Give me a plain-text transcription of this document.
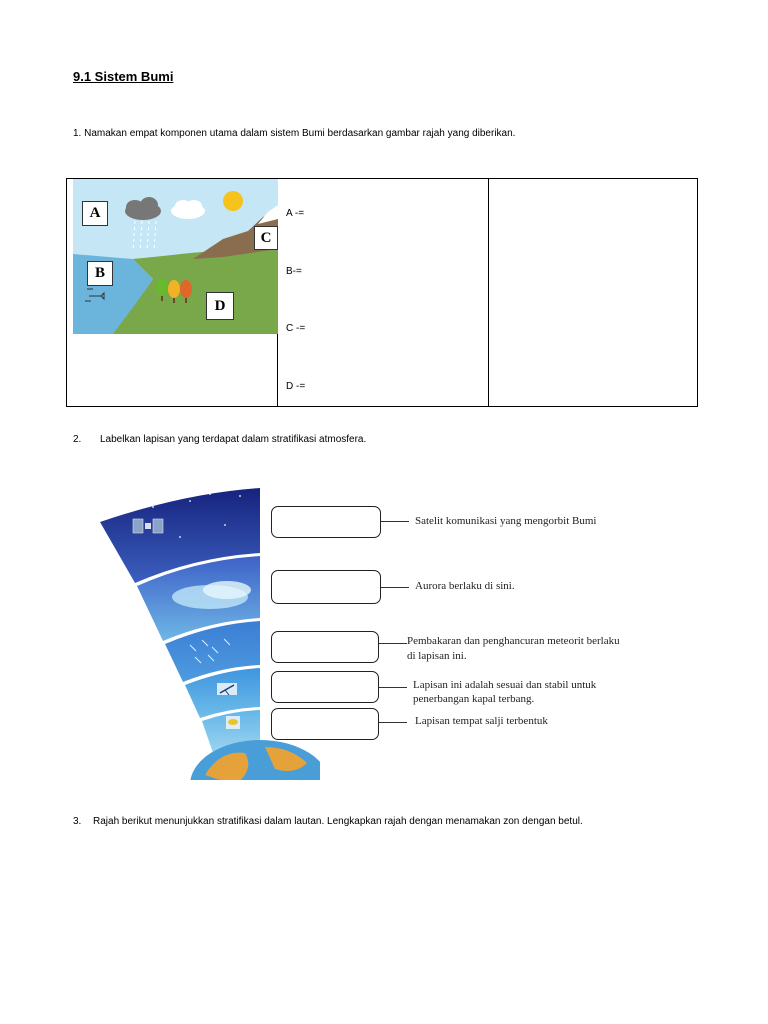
9.1 Sistem Bumi
1. Namakan empat komponen utama dalam sistem Bumi berdasarkan gambar rajah yang diberikan.
A
B
C
D
A -=
B-=
C -=
D -=
2. Labelkan lapisan yang terdapat dalam stratifikasi atmosfera.
Satelit komunikasi yang mengorbit Bumi
Aurora berlaku di sini.
Pembakaran dan penghancuran meteorit berlaku
di lapisan ini.
Lapisan ini adalah sesuai dan stabil untuk
penerbangan kapal terbang.
Lapisan tempat salji terbentuk
3. Rajah berikut menunjukkan stratifikasi dalam lautan. Lengkapkan rajah dengan menamakan zon dengan betul.
